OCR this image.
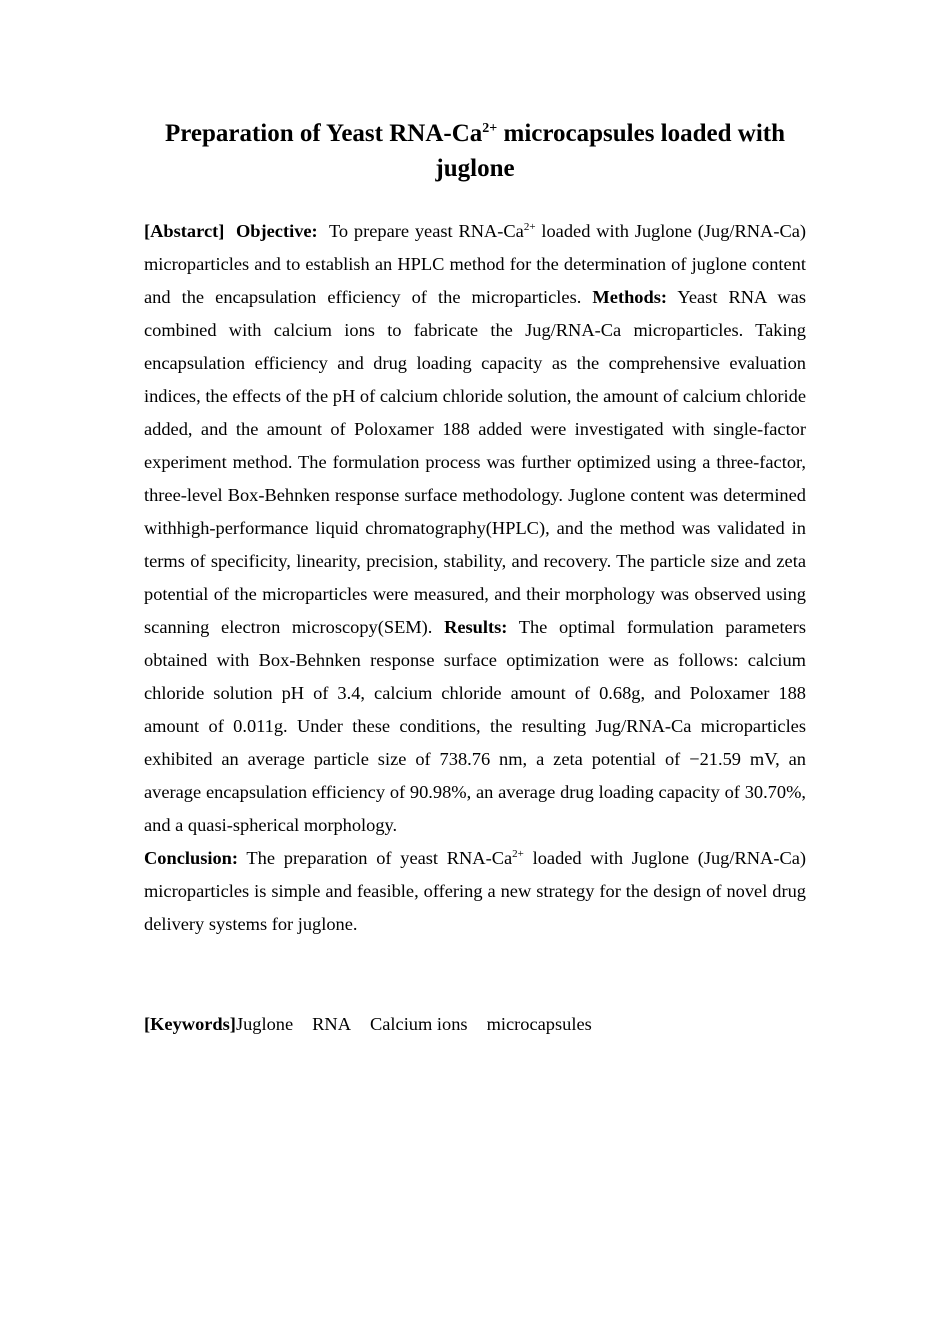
Preparation of Yeast RNA-$Ca^{2+}$ microcapsules loaded with juglone

[Abstarct] Objective: To prepare yeast RNA-$Ca^{2+}$ loaded with Juglone (Jug/RNA-Ca) microparticles and to establish an HPLC method for the determination of juglone content and the encapsulation efficiency of the microparticles. Methods: Yeast RNA was combined with calcium ions to fabricate the Jug/RNA-Ca microparticles. Taking encapsulation efficiency and drug loading capacity as the comprehensive evaluation indices, the effects of the pH of calcium chloride solution, the amount of calcium chloride added, and the amount of Poloxamer 188 added were investigated with single-factor experiment method. The formulation process was further optimized using a three-factor, three-level Box-Behnken response surface methodology. Juglone content was determined withhigh-performance liquid chromatography(HPLC), and the method was validated in terms of specificity, linearity, precision, stability, and recovery. The particle size and zeta potential of the microparticles were measured, and their morphology was observed using scanning electron microscopy(SEM). Results: The optimal formulation parameters obtained with Box-Behnken response surface optimization were as follows: calcium chloride solution pH of 3.4, calcium chloride amount of 0.68g, and Poloxamer 188 amount of 0.011g. Under these conditions, the resulting Jug/RNA-Ca microparticles exhibited an average particle size of 738.76 nm, a zeta potential of −21.59 mV, an average encapsulation efficiency of 90.98%, an average drug loading capacity of 30.70%, and a quasi-spherical morphology.

Conclusion: The preparation of yeast RNA-$Ca^{2+}$ loaded with Juglone (Jug/RNA-Ca) microparticles is simple and feasible, offering a new strategy for the design of novel drug delivery systems for juglone.

[Keywords]Juglone RNA Calcium ions microcapsules
